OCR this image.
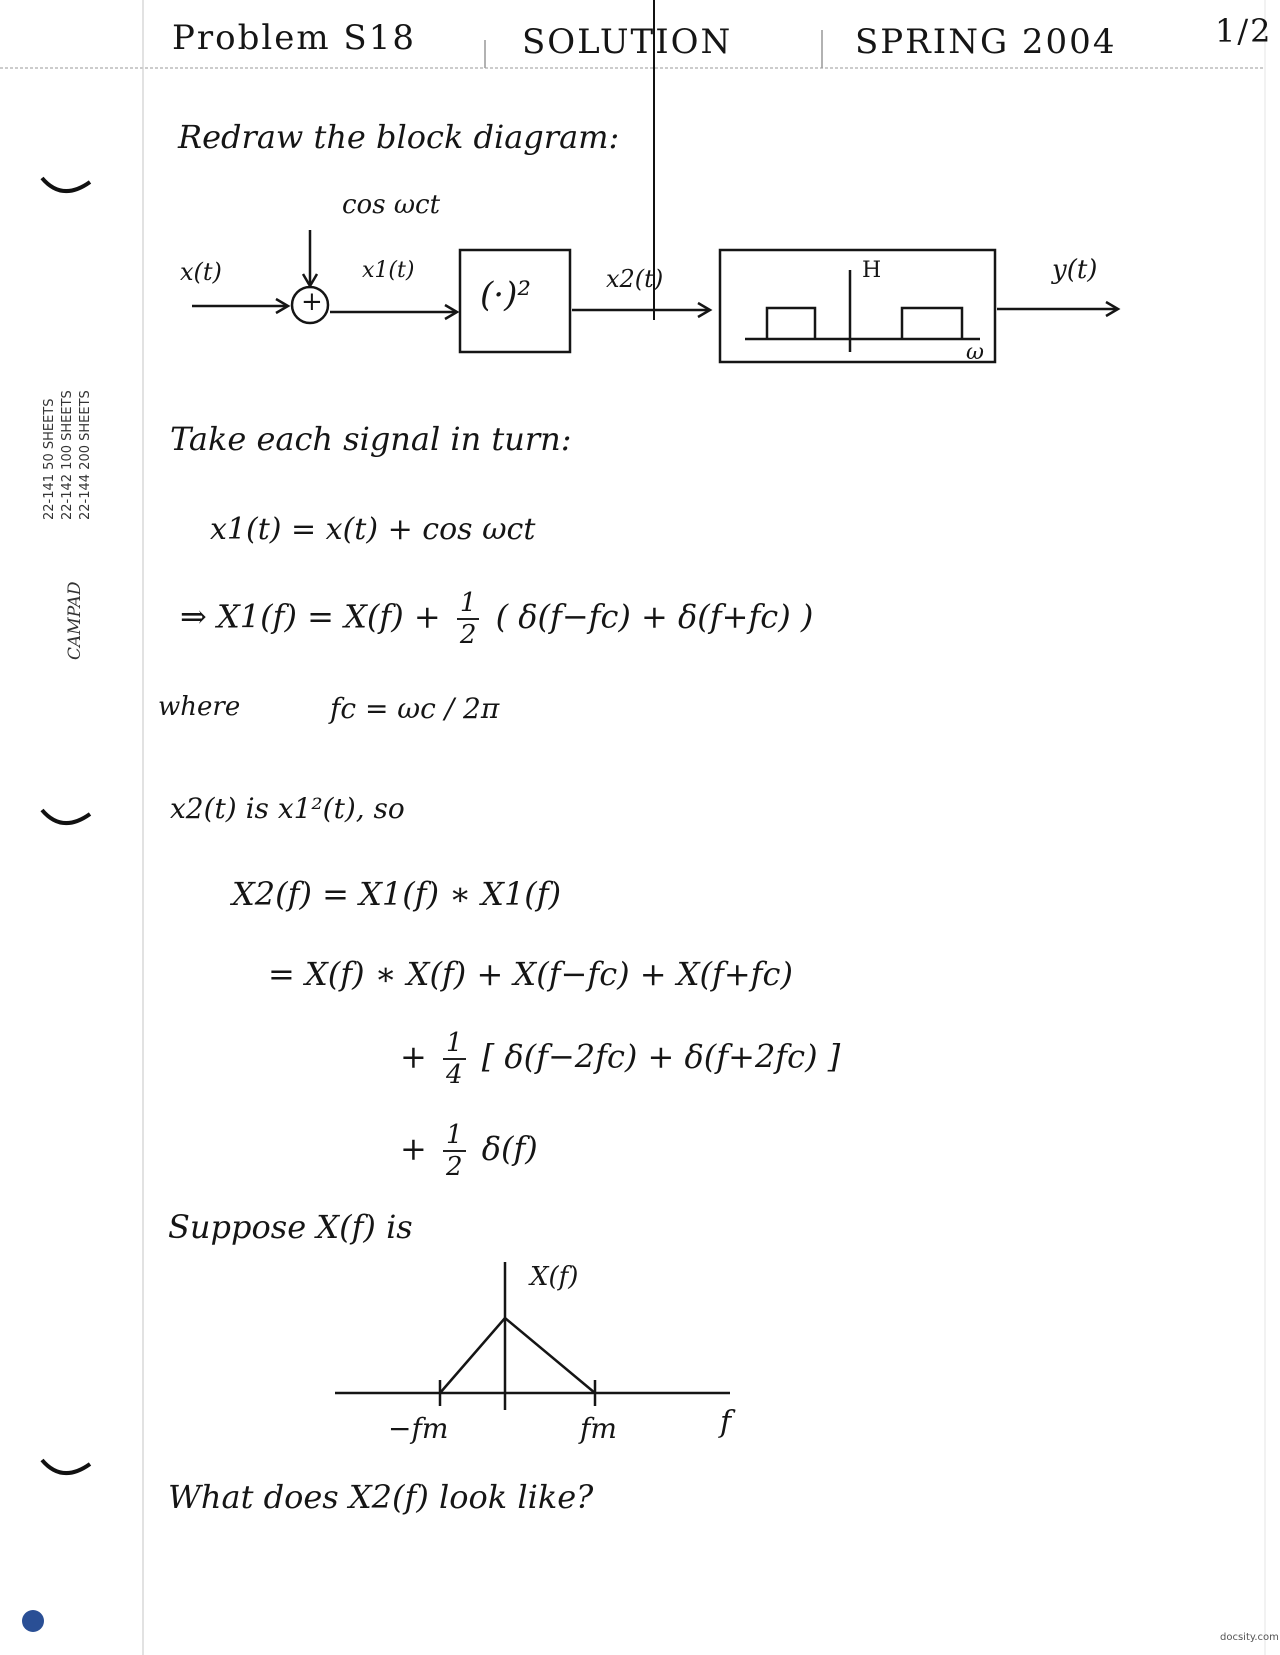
Problem S18	SOLUTION	SPRING 2004	1/2
22-141 50 SHEETS 22-142 100 SHEETS 22-144 200 SHEETS
CAMPAD
Redraw the block diagram:
cos ωct
x(t)
+
x1(t)
(·)²	x2(t)	H
ω
y(t)
Take each signal in turn:
x1(t) = x(t) + cos ωct
⇒ $X1(f) = X(f) + \frac{1}{2}$ ( δ(f−fc) + δ(f+fc) )
where	fc = ωc / 2π
x2(t) is x1²(t), so
X2(f) = X1(f) ∗ X1(f)
= X(f) ∗ X(f) + X(f−fc) + X(f+fc)
+ $\frac{1}{4}$ [ δ(f−2fc) + δ(f+2fc) ]
+ $\frac{1}{2} \delta(f)$
Suppose X(f) is
X(f)
−fm	fm	f
What does X2(f) look like?
docsity.com
